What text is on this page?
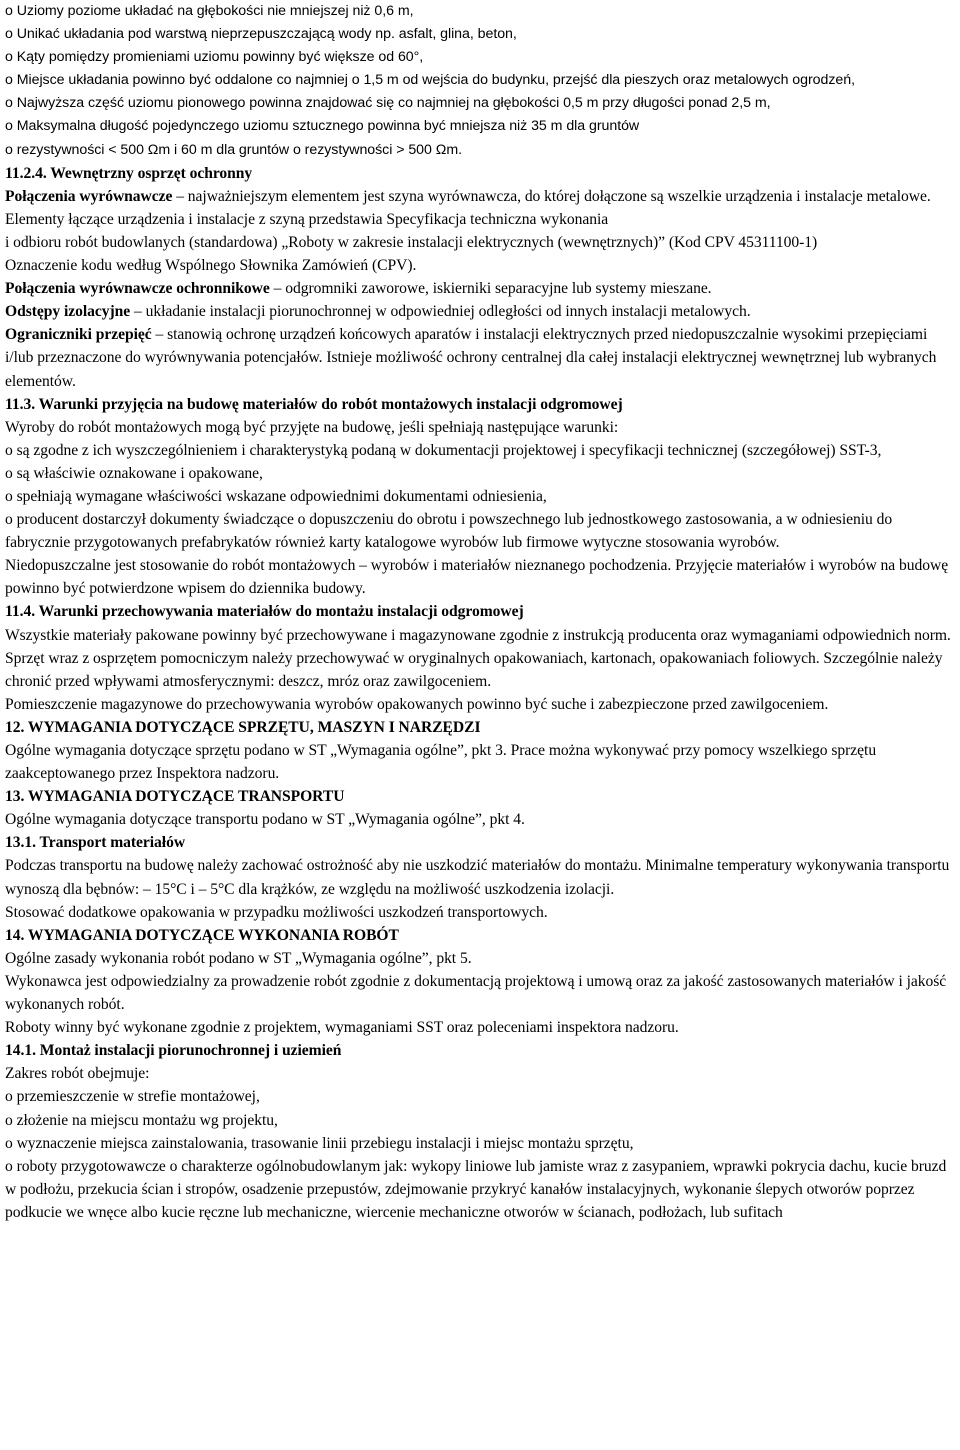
o Uziomy poziome układać na głębokości nie mniejszej niż 0,6 m,

o Unikać układania pod warstwą nieprzepuszczającą wody np. asfalt, glina, beton,

o Kąty pomiędzy promieniami uziomu powinny być większe od 60°,

o Miejsce układania powinno być oddalone co najmniej o 1,5 m od wejścia do budynku, przejść dla pieszych oraz metalowych ogrodzeń,

o Najwyższa część uziomu pionowego powinna znajdować się co najmniej na głębokości 0,5 m przy długości ponad 2,5 m,

o Maksymalna długość pojedynczego uziomu sztucznego powinna być mniejsza niż 35 m dla gruntów

o rezystywności < 500 Ωm i 60 m dla gruntów o rezystywności > 500 Ωm.

11.2.4. Wewnętrzny osprzęt ochronny

Połączenia wyrównawcze – najważniejszym elementem jest szyna wyrównawcza, do której dołączone są wszelkie urządzenia i instalacje metalowe. Elementy łączące urządzenia i instalacje z szyną przedstawia Specyfikacja techniczna wykonania

i odbioru robót budowlanych (standardowa) „Roboty w zakresie instalacji elektrycznych (wewnętrznych)” (Kod CPV 45311100-1)

Oznaczenie kodu według Wspólnego Słownika Zamówień (CPV).

Połączenia wyrównawcze ochronnikowe – odgromniki zaworowe, iskierniki separacyjne lub systemy mieszane.

Odstępy izolacyjne – układanie instalacji piorunochronnej w odpowiedniej odległości od innych instalacji metalowych.

Ograniczniki przepięć – stanowią ochronę urządzeń końcowych aparatów i instalacji elektrycznych przed niedopuszczalnie wysokimi przepięciami i/lub przeznaczone do wyrównywania potencjałów. Istnieje możliwość ochrony centralnej dla całej instalacji elektrycznej wewnętrznej lub wybranych elementów.

11.3. Warunki przyjęcia na budowę materiałów do robót montażowych instalacji odgromowej

Wyroby do robót montażowych mogą być przyjęte na budowę, jeśli spełniają następujące warunki:

o są zgodne z ich wyszczególnieniem i charakterystyką podaną w dokumentacji projektowej i specyfikacji technicznej (szczegółowej) SST-3,

o są właściwie oznakowane i opakowane,

o spełniają wymagane właściwości wskazane odpowiednimi dokumentami odniesienia,

o producent dostarczył dokumenty świadczące o dopuszczeniu do obrotu i powszechnego lub jednostkowego zastosowania, a w odniesieniu do fabrycznie przygotowanych prefabrykatów również karty katalogowe wyrobów lub firmowe wytyczne stosowania wyrobów.

Niedopuszczalne jest stosowanie do robót montażowych – wyrobów i materiałów nieznanego pochodzenia. Przyjęcie materiałów i wyrobów na budowę powinno być potwierdzone wpisem do dziennika budowy.

11.4. Warunki przechowywania materiałów do montażu instalacji odgromowej

Wszystkie materiały pakowane powinny być przechowywane i magazynowane zgodnie z instrukcją producenta oraz wymaganiami odpowiednich norm.

Sprzęt wraz z osprzętem pomocniczym należy przechowywać w oryginalnych opakowaniach, kartonach, opakowaniach foliowych. Szczególnie należy chronić przed wpływami atmosferycznymi: deszcz, mróz oraz zawilgoceniem.

Pomieszczenie magazynowe do przechowywania wyrobów opakowanych powinno być suche i zabezpieczone przed zawilgoceniem.

12. WYMAGANIA DOTYCZĄCE SPRZĘTU, MASZYN I NARZĘDZI

Ogólne wymagania dotyczące sprzętu podano w ST „Wymagania ogólne”, pkt 3. Prace można wykonywać przy pomocy wszelkiego sprzętu zaakceptowanego przez Inspektora nadzoru.

13. WYMAGANIA DOTYCZĄCE TRANSPORTU

Ogólne wymagania dotyczące transportu podano w ST „Wymagania ogólne”, pkt 4.

13.1. Transport materiałów

Podczas transportu na budowę należy zachować ostrożność aby nie uszkodzić materiałów do montażu. Minimalne temperatury wykonywania transportu wynoszą dla bębnów: – 15°C i – 5°C dla krążków, ze względu na możliwość uszkodzenia izolacji.

Stosować dodatkowe opakowania w przypadku możliwości uszkodzeń transportowych.

14. WYMAGANIA DOTYCZĄCE WYKONANIA ROBÓT

Ogólne zasady wykonania robót podano w ST „Wymagania ogólne”, pkt 5.

Wykonawca jest odpowiedzialny za prowadzenie robót zgodnie z dokumentacją projektową i umową oraz za jakość zastosowanych materiałów i jakość wykonanych robót.

Roboty winny być wykonane zgodnie z projektem, wymaganiami SST oraz poleceniami inspektora nadzoru.

14.1. Montaż instalacji piorunochronnej i uziemień

Zakres robót obejmuje:

o przemieszczenie w strefie montażowej,

o złożenie na miejscu montażu wg projektu,

o wyznaczenie miejsca zainstalowania, trasowanie linii przebiegu instalacji i miejsc montażu sprzętu,

o roboty przygotowawcze o charakterze ogólnobudowlanym jak: wykopy liniowe lub jamiste wraz z zasypaniem, wprawki pokrycia dachu, kucie bruzd w podłożu, przekucia ścian i stropów, osadzenie przepustów, zdejmowanie przykryć kanałów instalacyjnych, wykonanie ślepych otworów poprzez podkucie we wnęce albo kucie ręczne lub mechaniczne, wiercenie mechaniczne otworów w ścianach, podłożach, lub sufitach
